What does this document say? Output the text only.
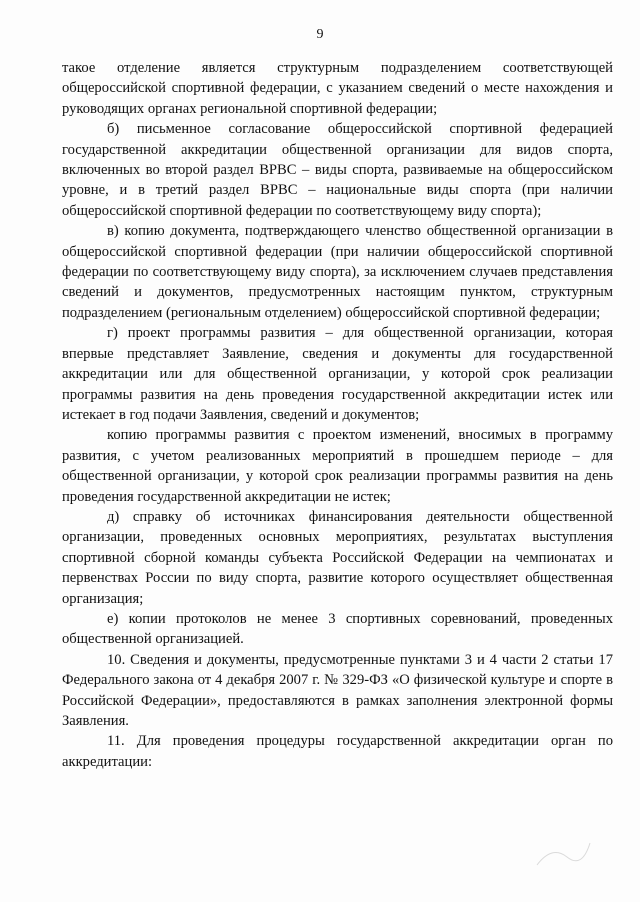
9

такое отделение является структурным подразделением соответствующей общероссийской спортивной федерации, с указанием сведений о месте нахождения и руководящих органах региональной спортивной федерации;

б) письменное согласование общероссийской спортивной федерацией государственной аккредитации общественной организации для видов спорта, включенных во второй раздел ВРВС – виды спорта, развиваемые на общероссийском уровне, и в третий раздел ВРВС – национальные виды спорта (при наличии общероссийской спортивной федерации по соответствующему виду спорта);

в) копию документа, подтверждающего членство общественной организации в общероссийской спортивной федерации (при наличии общероссийской спортивной федерации по соответствующему виду спорта), за исключением случаев представления сведений и документов, предусмотренных настоящим пунктом, структурным подразделением (региональным отделением) общероссийской спортивной федерации;

г) проект программы развития – для общественной организации, которая впервые представляет Заявление, сведения и документы для государственной аккредитации или для общественной организации, у которой срок реализации программы развития на день проведения государственной аккредитации истек или истекает в год подачи Заявления, сведений и документов;

копию программы развития с проектом изменений, вносимых в программу развития, с учетом реализованных мероприятий в прошедшем периоде – для общественной организации, у которой срок реализации программы развития на день проведения государственной аккредитации не истек;

д) справку об источниках финансирования деятельности общественной организации, проведенных основных мероприятиях, результатах выступления спортивной сборной команды субъекта Российской Федерации на чемпионатах и первенствах России по виду спорта, развитие которого осуществляет общественная организация;

е) копии протоколов не менее 3 спортивных соревнований, проведенных общественной организацией.

10. Сведения и документы, предусмотренные пунктами 3 и 4 части 2 статьи 17 Федерального закона от 4 декабря 2007 г. № 329-ФЗ «О физической культуре и спорте в Российской Федерации», предоставляются в рамках заполнения электронной формы Заявления.

11. Для проведения процедуры государственной аккредитации орган по аккредитации:
